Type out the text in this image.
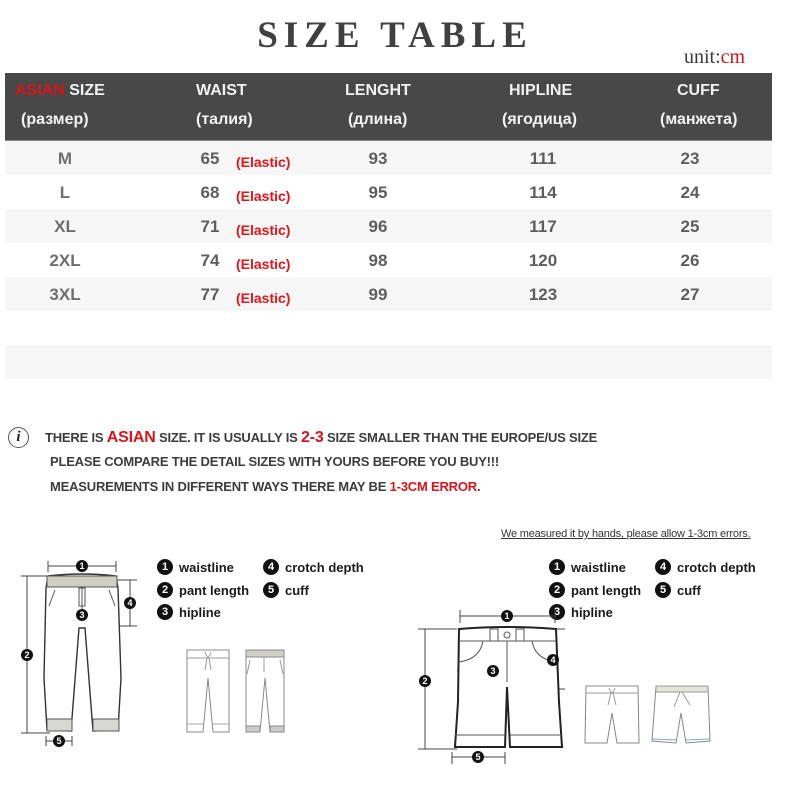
SIZE TABLE
unit:cm
ASIAN SIZE	WAIST	LENGHT	HIPLINE	CUFF
(размер)	(талия)	(длина)	(ягодица)	(манжета)
M	65	(Elastic)	93	111	23
L	68	(Elastic)	95	114	24
XL	71	(Elastic)	96	117	25
2XL	74	(Elastic)	98	120	26
3XL	77	(Elastic)	99	123	27
i	THERE IS ASIAN SIZE. IT IS USUALLY IS 2-3 SIZE SMALLER THAN THE EUROPE/US SIZE
PLEASE COMPARE THE DETAIL SIZES WITH YOURS BEFORE YOU BUY!!!
MEASUREMENTS IN DIFFERENT WAYS THERE MAY BE 1-3CM ERROR.
We measured it by hands, please allow 1-3cm errors.
1 waistline
2 pant length
3 hipline
4 crotch depth
5 cuff
1 waistline
2 pant length
3 hipline
4 crotch depth
5 cuff
1
2
3
4
5
1
2
3
4
5
